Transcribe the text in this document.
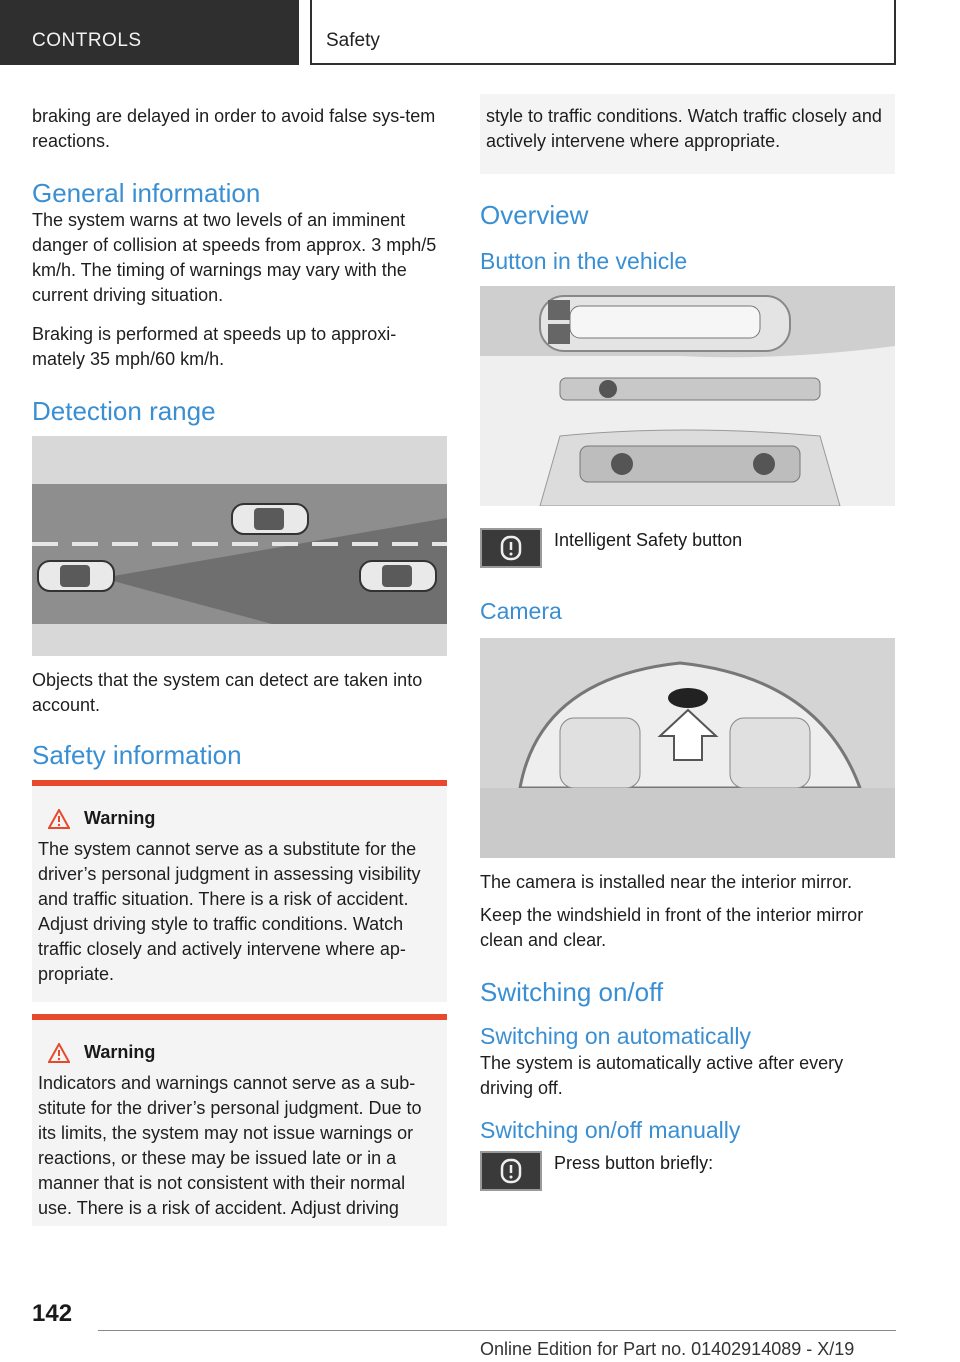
CONTROLS	Safety

braking are delayed in order to avoid false sys‐tem reactions.

General information

The system warns at two levels of an imminent danger of collision at speeds from approx. 3 mph/5 km/h. The timing of warnings may vary with the current driving situation.

Braking is performed at speeds up to approxi‐mately 35 mph/60 km/h.

Detection range

Objects that the system can detect are taken into account.

Safety information
Warning

The system cannot serve as a substitute for the driver’s personal judgment in assessing visibility and traffic situation. There is a risk of accident. Adjust driving style to traffic conditions. Watch traffic closely and actively intervene where ap‐propriate.

Warning

Indicators and warnings cannot serve as a sub‐stitute for the driver’s personal judgment. Due to its limits, the system may not issue warnings or reactions, or these may be issued late or in a manner that is not consistent with their normal use. There is a risk of accident. Adjust driving

style to traffic conditions. Watch traffic closely and actively intervene where appropriate.

Overview
Button in the vehicle
Intelligent Safety button
Camera

The camera is installed near the interior mirror.

Keep the windshield in front of the interior mirror clean and clear.

Switching on/off
Switching on automatically

The system is automatically active after every driving off.

Switching on/off manually
Press button briefly:
142
Online Edition for Part no. 01402914089 - X/19
